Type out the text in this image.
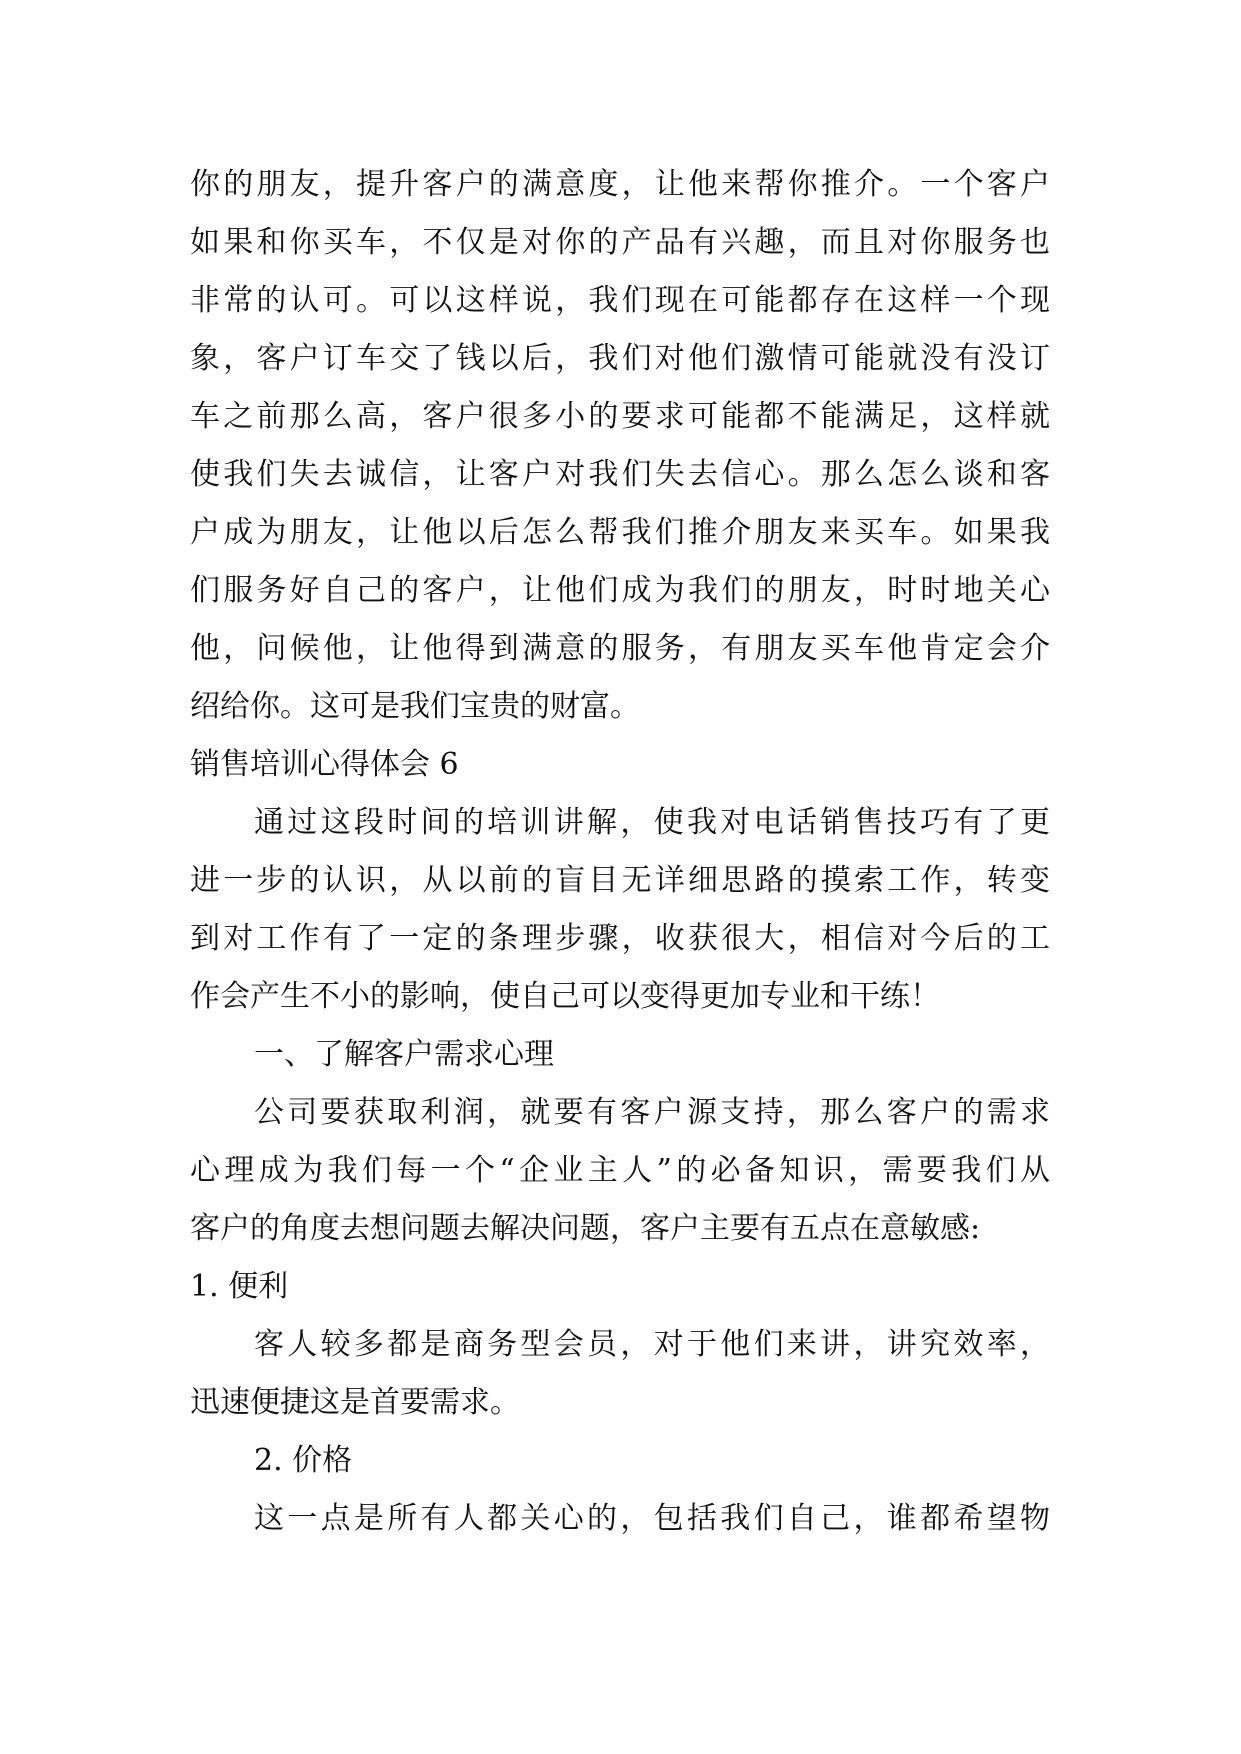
你的朋友，提升客户的满意度，让他来帮你推介。一个客户
如果和你买车，不仅是对你的产品有兴趣，而且对你服务也
非常的认可。可以这样说，我们现在可能都存在这样一个现
象，客户订车交了钱以后，我们对他们激情可能就没有没订
车之前那么高，客户很多小的要求可能都不能满足，这样就
使我们失去诚信，让客户对我们失去信心。那么怎么谈和客
户成为朋友，让他以后怎么帮我们推介朋友来买车。如果我
们服务好自己的客户，让他们成为我们的朋友，时时地关心
他，问候他，让他得到满意的服务，有朋友买车他肯定会介
绍给你。这可是我们宝贵的财富。
销售培训心得体会 6
通过这段时间的培训讲解，使我对电话销售技巧有了更
进一步的认识，从以前的盲目无详细思路的摸索工作，转变
到对工作有了一定的条理步骤，收获很大，相信对今后的工
作会产生不小的影响，使自己可以变得更加专业和干练！
一、了解客户需求心理
公司要获取利润，就要有客户源支持，那么客户的需求
心理成为我们每一个“企业主人”的必备知识，需要我们从
客户的角度去想问题去解决问题，客户主要有五点在意敏感:
1. 便利
客人较多都是商务型会员，对于他们来讲，讲究效率，
迅速便捷这是首要需求。
2. 价格
这一点是所有人都关心的，包括我们自己，谁都希望物
